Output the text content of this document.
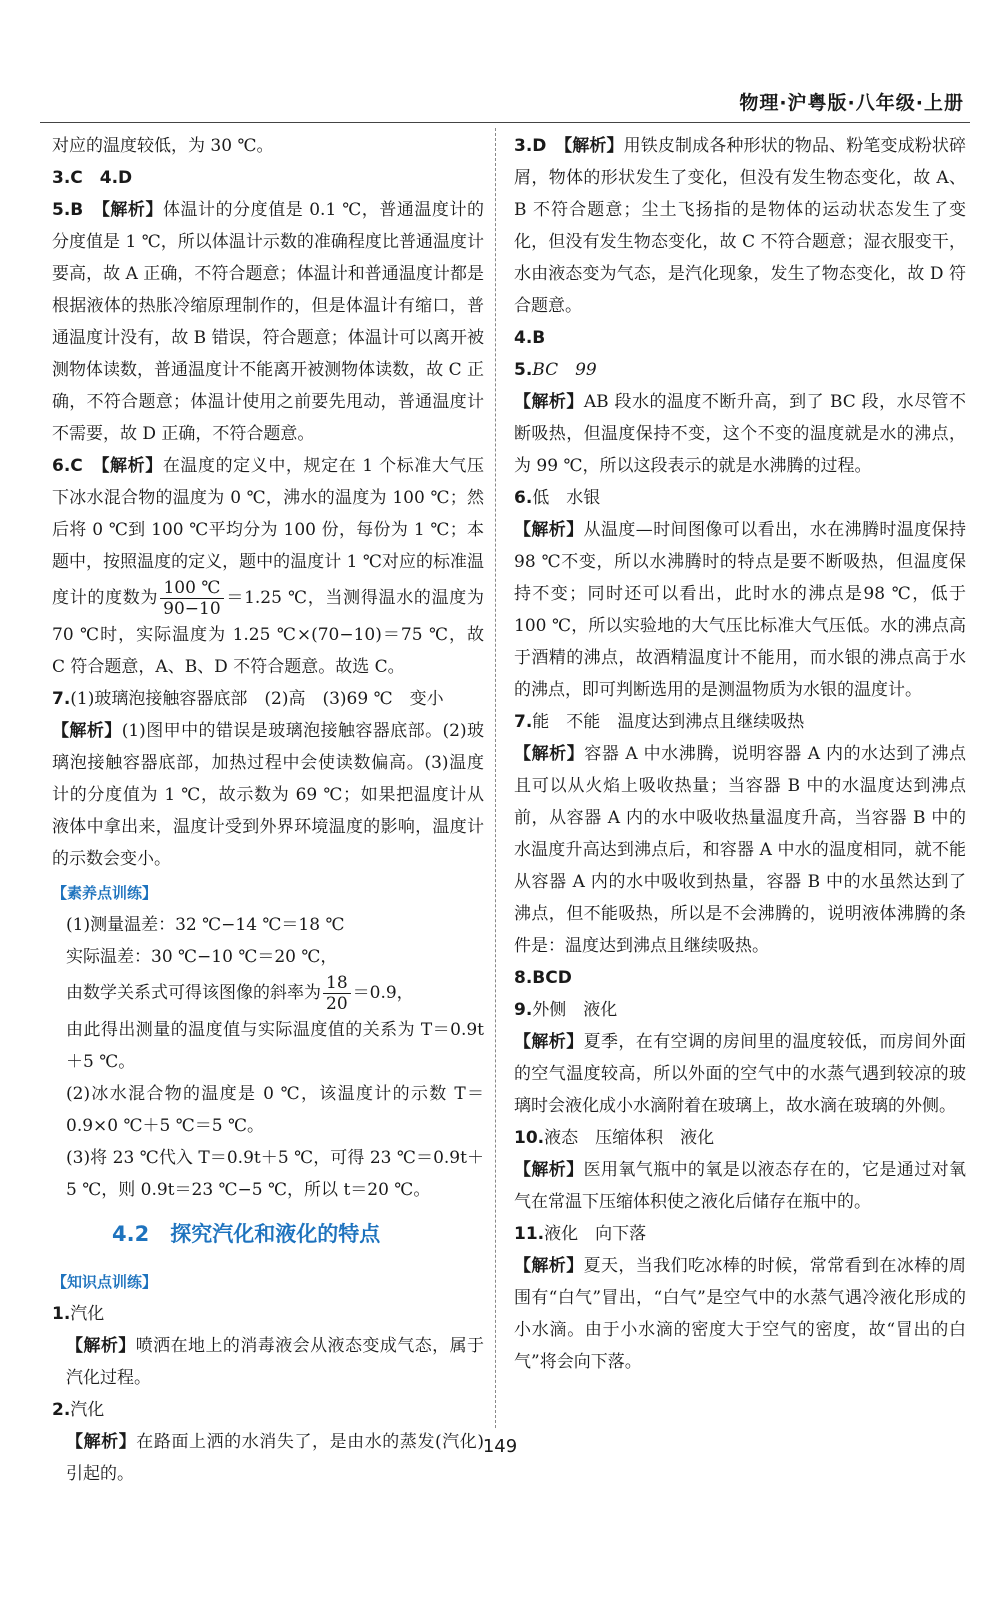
物理·沪粤版·八年级·上册

对应的温度较低，为 30 ℃。

3.C　 4.D

5.B　 【解析】体温计的分度值是 0.1 ℃，普通温度计的分度值是 1 ℃，所以体温计示数的准确程度比普通温度计要高，故 A 正确，不符合题意；体温计和普通温度计都是根据液体的热胀冷缩原理制作的，但是体温计有缩口，普通温度计没有，故 B 错误，符合题意；体温计可以离开被测物体读数，普通温度计不能离开被测物体读数，故 C 正确，不符合题意；体温计使用之前要先甩动，普通温度计不需要，故 D 正确，不符合题意。

6.C　 【解析】在温度的定义中，规定在 1 个标准大气压下冰水混合物的温度为 0 ℃，沸水的温度为 100 ℃；然后将 0 ℃到 100 ℃平均分为 100 份，每份为 1 ℃；本题中，按照温度的定义，题中的温度计 1 ℃对应的标准温度计的度数为 $\frac{100 ℃}{90-10} =1.25$ ℃，当测得温水的温度为 70 ℃时，实际温度为 1.25 ℃×(70−10)＝75 ℃，故 C 符合题意，A、B、D 不符合题意。故选 C。

7.(1)玻璃泡接触容器底部　(2)高　(3)69 ℃　变小

【解析】(1)图甲中的错误是玻璃泡接触容器底部。(2)玻璃泡接触容器底部，加热过程中会使读数偏高。(3)温度计的分度值为 1 ℃，故示数为 69 ℃；如果把温度计从液体中拿出来，温度计受到外界环境温度的影响，温度计的示数会变小。

【素养点训练】

(1)测量温差：32 ℃−14 ℃＝18 ℃

实际温差：30 ℃−10 ℃＝20 ℃，

由数学关系式可得该图像的斜率为 $\frac{18}{20} =0.9$，

由此得出测量的温度值与实际温度值的关系为 T＝0.9t＋5 ℃。

(2)冰水混合物的温度是 0 ℃，该温度计的示数 T＝0.9×0 ℃＋5 ℃＝5 ℃。

(3)将 23 ℃代入 T＝0.9t＋5 ℃，可得 23 ℃＝0.9t＋5 ℃，则 0.9t＝23 ℃−5 ℃，所以 t＝20 ℃。

4.2　探究汽化和液化的特点

【知识点训练】

1.汽化

【解析】喷洒在地上的消毒液会从液态变成气态，属于汽化过程。

2.汽化

【解析】在路面上洒的水消失了，是由水的蒸发(汽化)引起的。

3.D　 【解析】用铁皮制成各种形状的物品、粉笔变成粉状碎屑，物体的形状发生了变化，但没有发生物态变化，故 A、B 不符合题意；尘土飞扬指的是物体的运动状态发生了变化，但没有发生物态变化，故 C 不符合题意；湿衣服变干，水由液态变为气态，是汽化现象，发生了物态变化，故 D 符合题意。

4.B

5.BC　99

【解析】AB 段水的温度不断升高，到了 BC 段，水尽管不断吸热，但温度保持不变，这个不变的温度就是水的沸点，为 99 ℃，所以这段表示的就是水沸腾的过程。

6.低　水银

【解析】从温度—时间图像可以看出，水在沸腾时温度保持 98 ℃不变，所以水沸腾时的特点是要不断吸热，但温度保持不变；同时还可以看出，此时水的沸点是98 ℃，低于 100 ℃，所以实验地的大气压比标准大气压低。水的沸点高于酒精的沸点，故酒精温度计不能用，而水银的沸点高于水的沸点，即可判断选用的是测温物质为水银的温度计。

7.能　不能　温度达到沸点且继续吸热

【解析】容器 A 中水沸腾，说明容器 A 内的水达到了沸点且可以从火焰上吸收热量；当容器 B 中的水温度达到沸点前，从容器 A 内的水中吸收热量温度升高，当容器 B 中的水温度升高达到沸点后，和容器 A 中水的温度相同，就不能从容器 A 内的水中吸收到热量，容器 B 中的水虽然达到了沸点，但不能吸热，所以是不会沸腾的，说明液体沸腾的条件是：温度达到沸点且继续吸热。

8.BCD

9.外侧　液化

【解析】夏季，在有空调的房间里的温度较低，而房间外面的空气温度较高，所以外面的空气中的水蒸气遇到较凉的玻璃时会液化成小水滴附着在玻璃上，故水滴在玻璃的外侧。

10.液态　压缩体积　液化

【解析】医用氧气瓶中的氧是以液态存在的，它是通过对氧气在常温下压缩体积使之液化后储存在瓶中的。

11.液化　向下落

【解析】夏天，当我们吃冰棒的时候，常常看到在冰棒的周围有“白气”冒出，“白气”是空气中的水蒸气遇冷液化形成的小水滴。由于小水滴的密度大于空气的密度，故“冒出的白气”将会向下落。

149
